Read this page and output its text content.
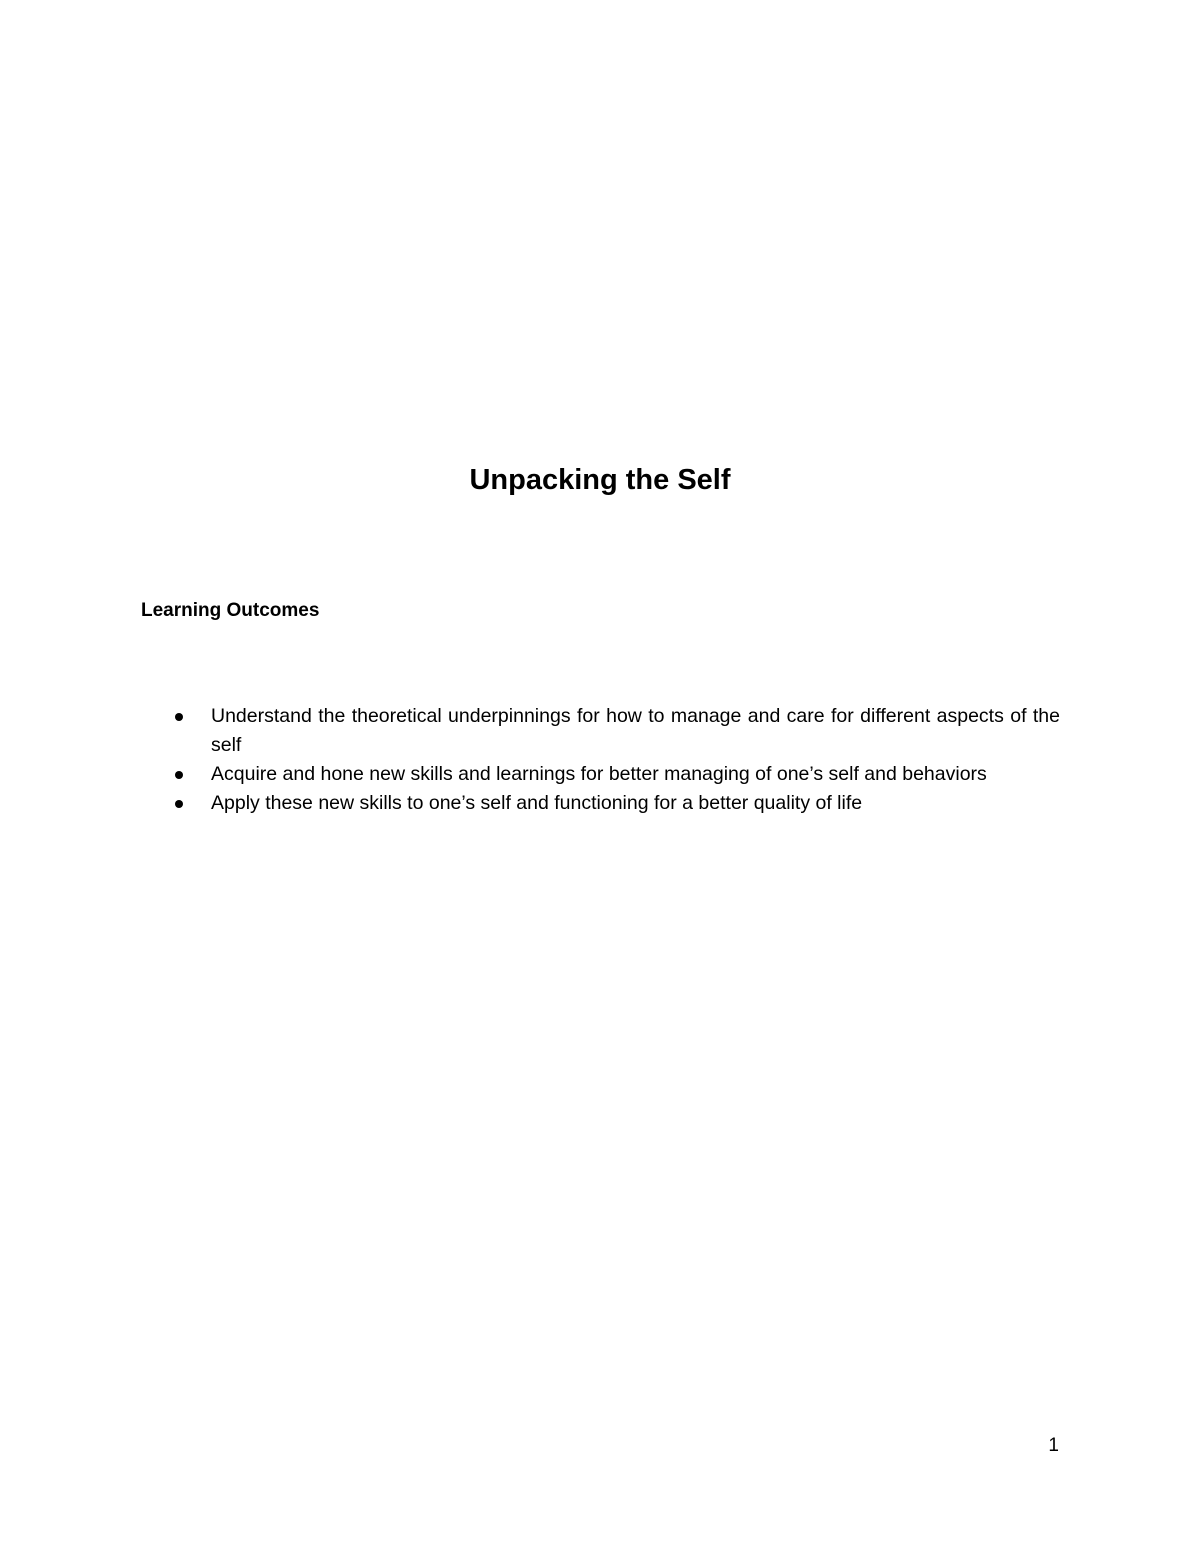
Unpacking the Self
Learning Outcomes
Understand the theoretical underpinnings for how to manage and care for different aspects of the self
Acquire and hone new skills and learnings for better managing of one’s self and behaviors
Apply these new skills to one’s self and functioning for a better quality of life

1
